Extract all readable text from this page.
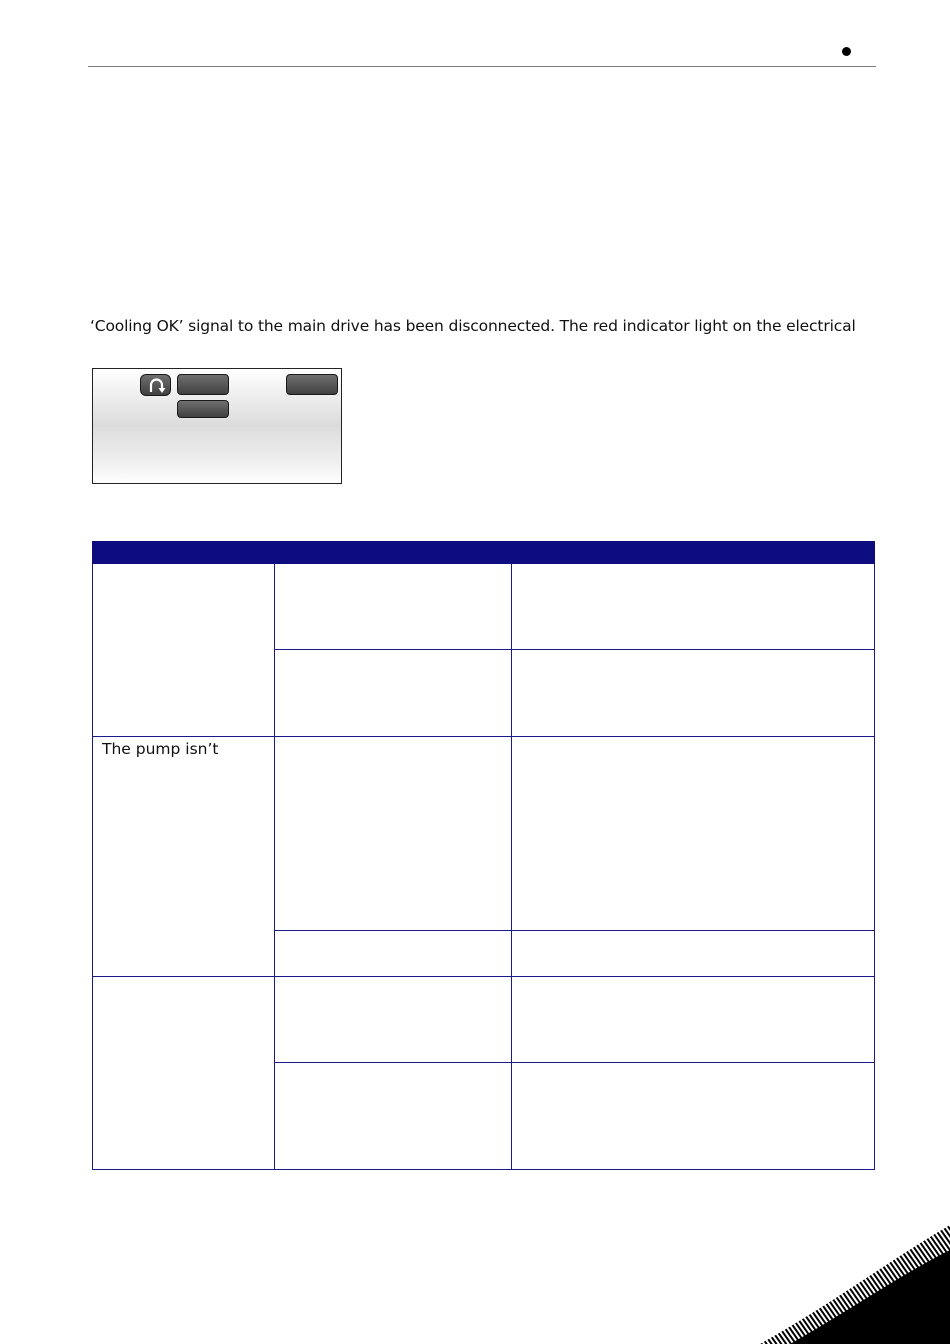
‘Cooling OK’ signal to the main drive has been disconnected. The red indicator light on the electrical

The pump isn’t		
